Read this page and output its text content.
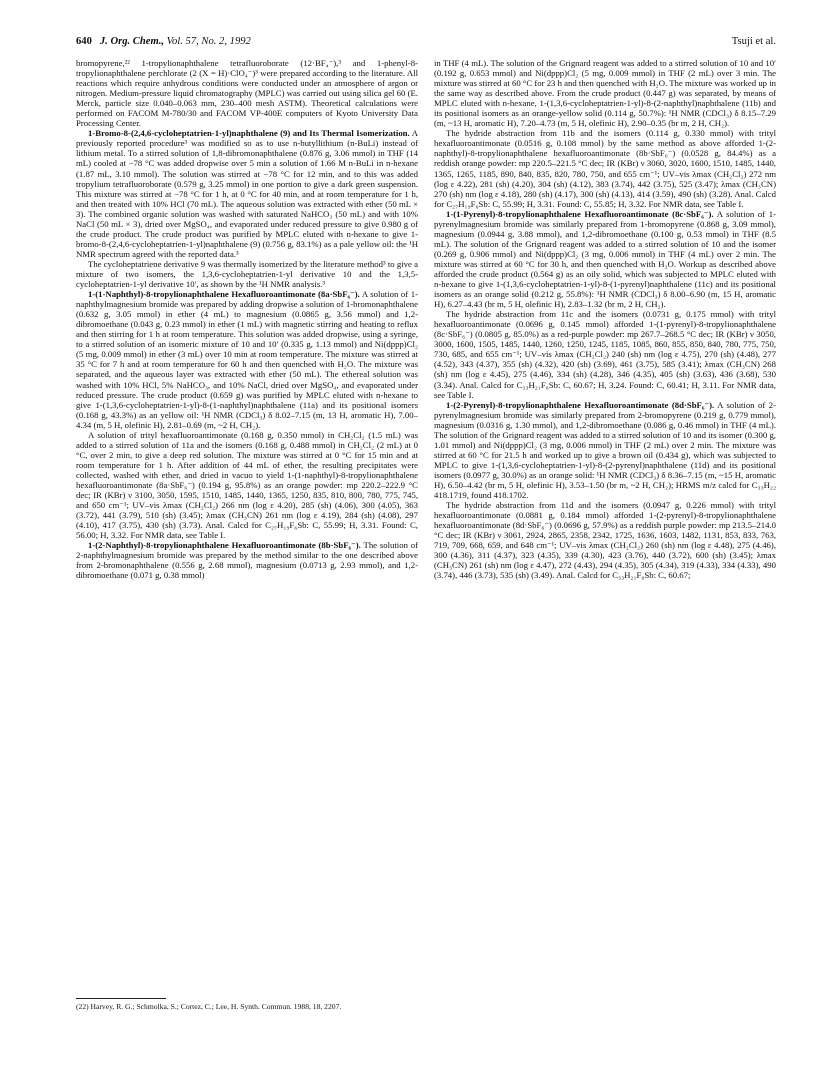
640 J. Org. Chem., Vol. 57, No. 2, 1992	Tsuji et al.

bromopyrene,²² 1-tropylionaphthalene tetrafluoroborate (12·BF₄⁻),³ and 1-phenyl-8-tropylionaphthalene perchlorate (2 (X = H)·ClO₄⁻)³ were prepared according to the literature. All reactions which require anhydrous conditions were conducted under an atmosphere of argon or nitrogen. Medium-pressure liquid chromatography (MPLC) was carried out using silica gel 60 (E. Merck, particle size 0.040–0.063 mm, 230–400 mesh ASTM). Theoretical calculations were performed on FACOM M-780/30 and FACOM VP-400E computers of Kyoto University Data Processing Center.

1-Bromo-8-(2,4,6-cycloheptatrien-1-yl)naphthalene (9) and Its Thermal Isomerization. A previously reported procedure³ was modified so as to use n-butyllithium (n-BuLi) instead of lithium metal. To a stirred solution of 1,8-dibromonaphthalene (0.876 g, 3.06 mmol) in THF (14 mL) cooled at −78 °C was added dropwise over 5 min a solution of 1.66 M n-BuLi in n-hexane (1.87 mL, 3.10 mmol). The solution was stirred at −78 °C for 12 min, and to this was added tropylium tetrafluoroborate (0.579 g, 3.25 mmol) in one portion to give a dark green suspension. This mixture was stirred at −78 °C for 1 h, at 0 °C for 40 min, and at room temperature for 1 h, and then treated with 10% HCl (70 mL). The aqueous solution was extracted with ether (50 mL × 3). The combined organic solution was washed with saturated NaHCO₃ (50 mL) and with 10% NaCl (50 mL × 3), dried over MgSO₄, and evaporated under reduced pressure to give 0.980 g of the crude product. The crude product was purified by MPLC eluted with n-hexane to give 1-bromo-8-(2,4,6-cycloheptatrien-1-yl)naphthalene (9) (0.756 g, 83.1%) as a pale yellow oil: the ¹H NMR spectrum agreed with the reported data.³

The cycloheptatriene derivative 9 was thermally isomerized by the literature method³ to give a mixture of two isomers, the 1,3,6-cycloheptatrien-1-yl derivative 10 and the 1,3,5-cycloheptatrien-1-yl derivative 10′, as shown by the ¹H NMR analysis.³

1-(1-Naphthyl)-8-tropylionaphthalene Hexafluoroantimonate (8a·SbF₆⁻). A solution of 1-naphthylmagnesium bromide was prepared by adding dropwise a solution of 1-bromonaphthalene (0.632 g, 3.05 mmol) in ether (4 mL) to magnesium (0.0865 g, 3.56 mmol) and 1,2-dibromoethane (0.043 g, 0.23 mmol) in ether (1 mL) with magnetic stirring and heating to reflux and then stirring for 1 h at room temperature. This solution was added dropwise, using a syringe, to a stirred solution of an isomeric mixture of 10 and 10′ (0.335 g, 1.13 mmol) and Ni(dppp)Cl₂ (5 mg, 0.009 mmol) in ether (3 mL) over 10 min at room temperature. The mixture was stirred at 35 °C for 7 h and at room temperature for 60 h and then quenched with H₂O. The mixture was separated, and the aqueous layer was extracted with ether (50 mL). The ethereal solution was washed with 10% HCl, 5% NaHCO₃, and 10% NaCl, dried over MgSO₄, and evaporated under reduced pressure. The crude product (0.659 g) was purified by MPLC eluted with n-hexane to give 1-(1,3,6-cycloheptatrien-1-yl)-8-(1-naphthyl)naphthalene (11a) and its positional isomers (0.168 g, 43.3%) as an yellow oil: ¹H NMR (CDCl₃) δ 8.02–7.15 (m, 13 H, aromatic H), 7.00–4.34 (m, 5 H, olefinic H), 2.81–0.69 (m, ~2 H, CH₂).

A solution of trityl hexafluoroantimonate (0.168 g, 0.350 mmol) in CH₂Cl₂ (1.5 mL) was added to a stirred solution of 11a and the isomers (0.168 g, 0.488 mmol) in CH₂Cl₂ (2 mL) at 0 °C, over 2 min, to give a deep red solution. The mixture was stirred at 0 °C for 15 min and at room temperature for 1 h. After addition of 44 mL of ether, the resulting precipitates were collected, washed with ether, and dried in vacuo to yield 1-(1-naphthyl)-8-tropylionaphthalene hexafluoroantimonate (8a·SbF₆⁻) (0.194 g, 95.8%) as an orange powder: mp 220.2–222.9 °C dec; IR (KBr) ν 3100, 3050, 1595, 1510, 1485, 1440, 1365, 1250, 835, 810, 800, 780, 775, 745, and 650 cm⁻¹; UV–vis λmax (CH₂Cl₂) 266 nm (log ε 4.20), 285 (sh) (4.06), 300 (4.05), 363 (3.72), 441 (3.79), 510 (sh) (3.45); λmax (CH₃CN) 261 nm (log ε 4.19), 284 (sh) (4.08), 297 (4.10), 417 (3.75), 430 (sh) (3.73). Anal. Calcd for C₂₇H₁₉F₆Sb: C, 55.99; H, 3.31. Found: C, 56.00; H, 3.32. For NMR data, see Table I.

1-(2-Naphthyl)-8-tropylionaphthalene Hexafluoroantimonate (8b·SbF₆⁻). The solution of 2-naphthylmagnesium bromide was prepared by the method similar to the one described above from 2-bromonaphthalene (0.556 g, 2.68 mmol), magnesium (0.0713 g, 2.93 mmol), and 1,2-dibromoethane (0.071 g, 0.38 mmol)

in THF (4 mL). The solution of the Grignard reagent was added to a stirred solution of 10 and 10′ (0.192 g, 0.653 mmol) and Ni(dppp)Cl₂ (5 mg, 0.009 mmol) in THF (2 mL) over 3 min. The mixture was stirred at 60 °C for 23 h and then quenched with H₂O. The mixture was worked up in the same way as described above. From the crude product (0.447 g) was separated, by means of MPLC eluted with n-hexane, 1-(1,3,6-cycloheptatrien-1-yl)-8-(2-naphthyl)naphthalene (11b) and its positional isomers as an orange-yellow solid (0.114 g, 50.7%): ¹H NMR (CDCl₃) δ 8.15–7.29 (m, ~13 H, aromatic H), 7.20–4.73 (m, 5 H, olefinic H), 2.90–0.35 (br m, 2 H, CH₂).

The hydride abstraction from 11b and the isomers (0.114 g, 0.330 mmol) with trityl hexafluoroantimonate (0.0516 g, 0.108 mmol) by the same method as above afforded 1-(2-naphthyl)-8-tropylionaphthalene hexafluoroantimonate (8b·SbF₆⁻) (0.0528 g, 84.4%) as a reddish orange powder: mp 220.5–221.5 °C dec; IR (KBr) ν 3060, 3020, 1600, 1510, 1485, 1440, 1365, 1265, 1185, 890, 840, 835, 820, 780, 750, and 655 cm⁻¹; UV–vis λmax (CH₂Cl₂) 272 nm (log ε 4.22), 281 (sh) (4.20), 304 (sh) (4.12), 383 (3.74), 442 (3.75), 525 (3.47); λmax (CH₃CN) 270 (sh) nm (log ε 4.18), 280 (sh) (4.17), 300 (sh) (4.13), 414 (3.59), 490 (sh) (3.28). Anal. Calcd for C₂₇H₁₉F₆Sb: C, 55.99; H, 3.31. Found: C, 55.85; H, 3.32. For NMR data, see Table I.

1-(1-Pyrenyl)-8-tropylionaphthalene Hexafluoroantimonate (8c·SbF₆⁻). A solution of 1-pyrenylmagnesium bromide was similarly prepared from 1-bromopyrene (0.868 g, 3.09 mmol), magnesium (0.0944 g, 3.88 mmol), and 1,2-dibromoethane (0.100 g, 0.53 mmol) in THF (8.5 mL). The solution of the Grignard reagent was added to a stirred solution of 10 and the isomer (0.269 g, 0.906 mmol) and Ni(dppp)Cl₂ (3 mg, 0.006 mmol) in THF (4 mL) over 2 min. The mixture was stirred at 60 °C for 30 h, and then quenched with H₂O. Workup as described above afforded the crude product (0.564 g) as an oily solid, which was subjected to MPLC eluted with n-hexane to give 1-(1,3,6-cycloheptatrien-1-yl)-8-(1-pyrenyl)naphthalene (11c) and its positional isomers as an orange solid (0.212 g, 55.8%): ¹H NMR (CDCl₃) δ 8.00–6.90 (m, 15 H, aromatic H), 6.27–4.43 (br m, 5 H, olefinic H), 2.83–1.32 (br m, 2 H, CH₂).

The hydride abstraction from 11c and the isomers (0.0731 g, 0.175 mmol) with trityl hexafluoroantimonate (0.0696 g, 0.145 mmol) afforded 1-(1-pyrenyl)-8-tropylionaphthalene (8c·SbF₆⁻) (0.0805 g, 85.0%) as a red-purple powder: mp 267.7–268.5 °C dec; IR (KBr) ν 3050, 3000, 1600, 1505, 1485, 1440, 1260, 1250, 1245, 1185, 1085, 860, 855, 850, 840, 780, 775, 750, 730, 685, and 655 cm⁻¹; UV–vis λmax (CH₂Cl₂) 240 (sh) nm (log ε 4.75), 270 (sh) (4.48), 277 (4.52), 343 (4.37), 355 (sh) (4.32), 420 (sh) (3.69), 461 (3.75), 585 (3.41); λmax (CH₃CN) 268 (sh) nm (log ε 4.45), 275 (4.46), 334 (sh) (4.28), 346 (4.35), 405 (sh) (3.63), 436 (3.68), 530 (3.34). Anal. Calcd for C₃₃H₂₁F₆Sb: C, 60.67; H, 3.24. Found: C, 60.41; H, 3.11. For NMR data, see Table I.

1-(2-Pyrenyl)-8-tropylionaphthalene Hexafluoroantimonate (8d·SbF₆⁻). A solution of 2-pyrenylmagnesium bromide was similarly prepared from 2-bromopyrene (0.219 g, 0.779 mmol), magnesium (0.0316 g, 1.30 mmol), and 1,2-dibromoethane (0.086 g, 0.46 mmol) in THF (4 mL). The solution of the Grignard reagent was added to a stirred solution of 10 and its isomer (0.300 g, 1.01 mmol) and Ni(dppp)Cl₂ (3 mg, 0.006 mmol) in THF (2 mL) over 2 min. The mixture was stirred at 60 °C for 21.5 h and worked up to give a brown oil (0.434 g), which was subjected to MPLC to give 1-(1,3,6-cycloheptatrien-1-yl)-8-(2-pyrenyl)naphthalene (11d) and its positional isomers (0.0977 g, 30.0%) as an orange solid: ¹H NMR (CDCl₃) δ 8.36–7.15 (m, ~15 H, aromatic H), 6.50–4.42 (br m, 5 H, olefinic H), 3.53–1.50 (br m, ~2 H, CH₂); HRMS m/z calcd for C₃₃H₂₂ 418.1719, found 418.1702.

The hydride abstraction from 11d and the isomers (0.0947 g, 0.226 mmol) with trityl hexafluoroantimonate (0.0881 g, 0.184 mmol) afforded 1-(2-pyrenyl)-8-tropylionaphthalene hexafluoroantimonate (8d·SbF₆⁻) (0.0696 g, 57.9%) as a reddish purple powder: mp 213.5–214.0 °C dec; IR (KBr) ν 3061, 2924, 2865, 2358, 2342, 1725, 1636, 1603, 1482, 1131, 853, 833, 763, 719, 709, 668, 659, and 648 cm⁻¹; UV–vis λmax (CH₂Cl₂) 260 (sh) nm (log ε 4.48), 275 (4.46), 300 (4.36), 311 (4.37), 323 (4.35), 339 (4.30), 423 (3.76), 440 (3.72), 600 (sh) (3.45); λmax (CH₃CN) 261 (sh) nm (log ε 4.47), 272 (4.43), 294 (4.35), 305 (4.34), 319 (4.33), 334 (4.33), 490 (3.74), 446 (3.73), 535 (sh) (3.49). Anal. Calcd for C₃₃H₂₁F₆Sb: C, 60.67;

(22) Harvey, R. G.; Schmolka, S.; Cortez, C.; Lee, H. Synth. Commun. 1988, 18, 2207.
